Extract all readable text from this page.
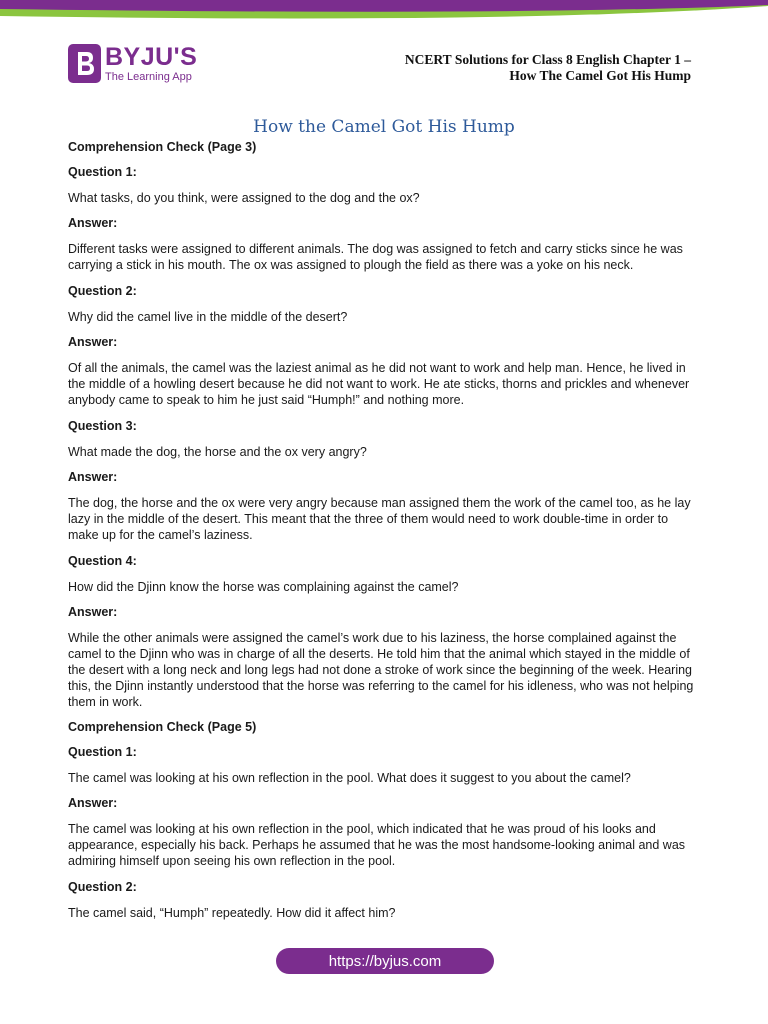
BYJU'S
The Learning App
NCERT Solutions for Class 8 English Chapter 1 –
How The Camel Got His Hump
How the Camel Got His Hump
Comprehension Check (Page 3)
Question 1:
What tasks, do you think, were assigned to the dog and the ox?
Answer:
Different tasks were assigned to different animals. The dog was assigned to fetch and carry sticks since he was carrying a stick in his mouth. The ox was assigned to plough the field as there was a yoke on his neck.
Question 2:
Why did the camel live in the middle of the desert?
Answer:
Of all the animals, the camel was the laziest animal as he did not want to work and help man. Hence, he lived in the middle of a howling desert because he did not want to work. He ate sticks, thorns and prickles and whenever anybody came to speak to him he just said “Humph!” and nothing more.
Question 3:
What made the dog, the horse and the ox very angry?
Answer:
The dog, the horse and the ox were very angry because man assigned them the work of the camel too, as he lay lazy in the middle of the desert. This meant that the three of them would need to work double-time in order to make up for the camel’s laziness.
Question 4:
How did the Djinn know the horse was complaining against the camel?
Answer:
While the other animals were assigned the camel’s work due to his laziness, the horse complained against the camel to the Djinn who was in charge of all the deserts. He told him that the animal which stayed in the middle of the desert with a long neck and long legs had not done a stroke of work since the beginning of the week. Hearing this, the Djinn instantly understood that the horse was referring to the camel for his idleness, who was not helping them in work.
Comprehension Check (Page 5)
Question 1:
The camel was looking at his own reflection in the pool. What does it suggest to you about the camel?
Answer:
The camel was looking at his own reflection in the pool, which indicated that he was proud of his looks and appearance, especially his back. Perhaps he assumed that he was the most handsome-looking animal and was admiring himself upon seeing his own reflection in the pool.
Question 2:
The camel said, “Humph” repeatedly. How did it affect him?
https://byjus.com
